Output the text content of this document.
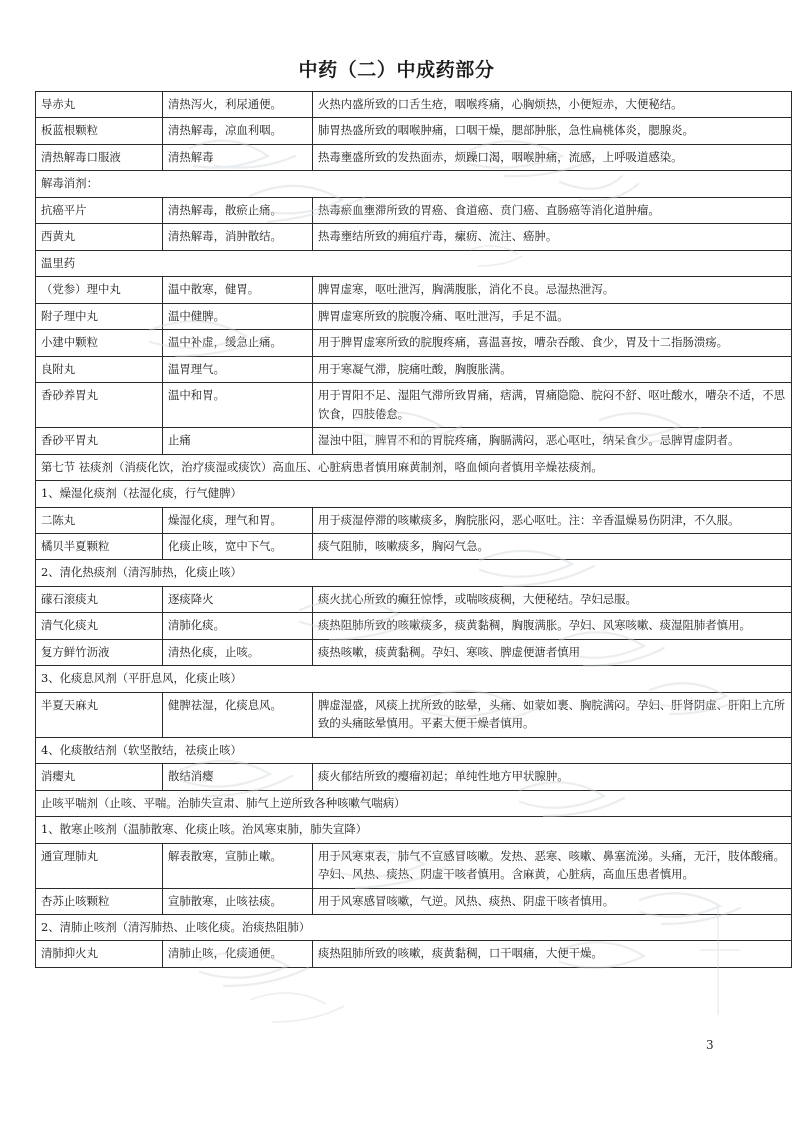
中药（二）中成药部分
导赤丸	清热泻火，利尿通便。	火热内盛所致的口舌生疮，咽喉疼痛，心胸烦热，小便短赤，大便秘结。
板蓝根颗粒	清热解毒，凉血利咽。	肺胃热盛所致的咽喉肿痛，口咽干燥，腮部肿胀，急性扁桃体炎，腮腺炎。
清热解毒口服液	清热解毒	热毒壅盛所致的发热面赤，烦躁口渴，咽喉肿痛，流感，上呼吸道感染。
解毒消剂：		
抗癌平片	清热解毒，散瘀止痛。	热毒瘀血壅滞所致的胃癌、食道癌、贲门癌、直肠癌等消化道肿瘤。
西黄丸	清热解毒，消肿散结。	热毒壅结所致的痈疽疔毒，瘰疬、流注、癌肿。
温里药		
（党参）理中丸	温中散寒，健胃。	脾胃虚寒，呕吐泄泻，胸满腹胀，消化不良。忌湿热泄泻。
附子理中丸	温中健脾。	脾胃虚寒所致的脘腹冷痛、呕吐泄泻，手足不温。
小建中颗粒	温中补虚，缓急止痛。	用于脾胃虚寒所致的脘腹疼痛，喜温喜按，嘈杂吞酸、食少，胃及十二指肠溃疡。
良附丸	温胃理气。	用于寒凝气滞，脘痛吐酸，胸腹胀满。
香砂养胃丸	温中和胃。	用于胃阳不足、湿阻气滞所致胃痛，痞满，胃痛隐隐、脘闷不舒、呕吐酸水，嘈杂不适，不思饮食，四肢倦怠。
香砂平胃丸	止痛	湿浊中阻，脾胃不和的胃脘疼痛，胸膈满闷，恶心呕吐，纳呆食少。忌脾胃虚阴者。
第七节 祛痰剂（消痰化饮，治疗痰湿或痰饮）高血压、心脏病患者慎用麻黄制剂，咯血倾向者慎用辛燥祛痰剂。		
1、燥湿化痰剂（祛湿化痰，行气健脾）		
二陈丸	燥湿化痰，理气和胃。	用于痰湿停滞的咳嗽痰多，胸脘胀闷，恶心呕吐。注：辛香温燥易伤阴津，不久服。
橘贝半夏颗粒	化痰止咳，宽中下气。	痰气阻肺，咳嗽痰多，胸闷气急。
2、清化热痰剂（清泻肺热，化痰止咳）		
礞石滚痰丸	逐痰降火	痰火扰心所致的癫狂惊悸，或喘咳痰稠，大便秘结。孕妇忌服。
清气化痰丸	清肺化痰。	痰热阻肺所致的咳嗽痰多，痰黄黏稠，胸腹满胀。孕妇、风寒咳嗽、痰湿阻肺者慎用。
复方鲜竹沥液	清热化痰，止咳。	痰热咳嗽，痰黄黏稠。孕妇、寒咳、脾虚便溏者慎用
3、化痰息风剂（平肝息风，化痰止咳）		
半夏天麻丸	健脾祛湿，化痰息风。	脾虚湿盛，风痰上扰所致的眩晕，头痛、如蒙如裹、胸脘满闷。孕妇、肝肾阴虚、肝阳上亢所致的头痛眩晕慎用。平素大便干燥者慎用。
4、化痰散结剂（软坚散结，祛痰止咳）		
消瘿丸	散结消瘿	痰火郁结所致的瘿瘤初起；单纯性地方甲状腺肿。
止咳平喘剂（止咳、平喘。治肺失宣肃、肺气上逆所致各种咳嗽气喘病）		
1、散寒止咳剂（温肺散寒、化痰止咳。治风寒束肺，肺失宣降）		
通宣理肺丸	解表散寒，宣肺止嗽。	用于风寒束表，肺气不宣感冒咳嗽。发热、恶寒、咳嗽、鼻塞流涕。头痛，无汗，肢体酸痛。孕妇、风热、痰热、阴虚干咳者慎用。含麻黄，心脏病，高血压患者慎用。
杏苏止咳颗粒	宣肺散寒，止咳祛痰。	用于风寒感冒咳嗽，气逆。风热、痰热、阴虚干咳者慎用。
2、清肺止咳剂（清泻肺热、止咳化痰。治痰热阻肺）		
清肺抑火丸	清肺止咳，化痰通便。	痰热阻肺所致的咳嗽，痰黄黏稠，口干咽痛，大便干燥。
3
